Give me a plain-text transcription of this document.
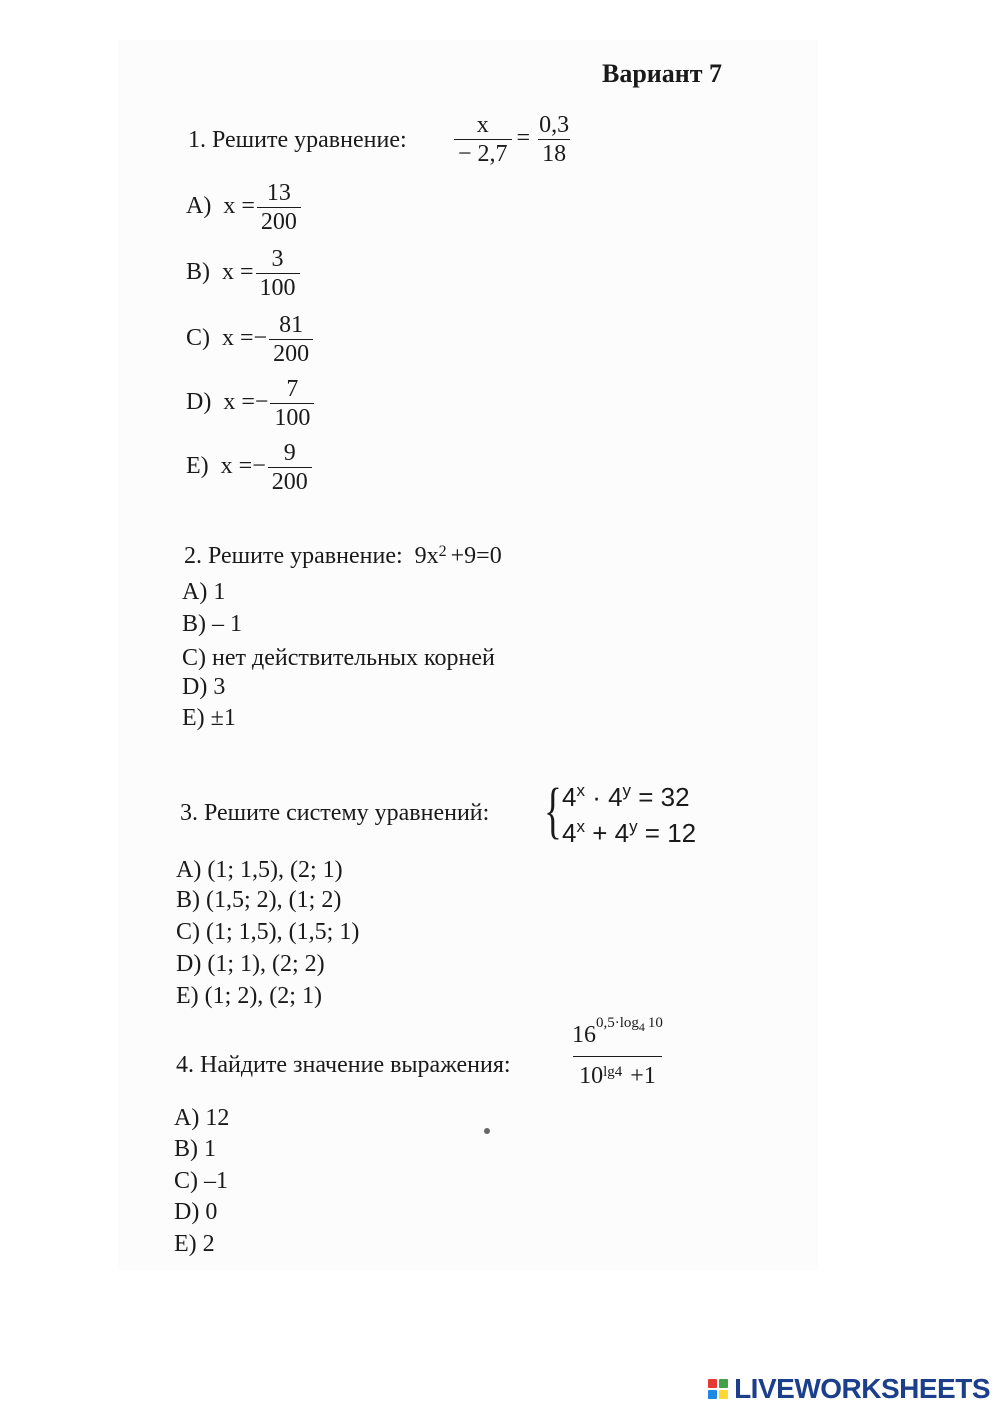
Вариант 7
1. Решите уравнение: $\frac{x}{- 2,7} = \frac{0,3}{18}$
A) $x = \frac{13}{200}$
B) $x = \frac{3}{100}$
C) $x =- \frac{81}{200}$
D) $x =- \frac{7}{100}$
E) $x =- \frac{9}{200}$
2. Решите уравнение: $9x^2 +9=0$
A) 1
B) – 1
C) нет действительных корней
D) 3
E) ±1
3. Решите систему уравнений: { $4^x \cdot 4^y = 32$
$4^x + 4^y = 12$
A) (1; 1,5), (2; 1)
B) (1,5; 2), (1; 2)
C) (1; 1,5), (1,5; 1)
D) (1; 1), (2; 2)
E) (1; 2), (2; 1)
4. Найдите значение выражения: $\frac{16^{0,5\cdot log_4 10}}{10^{lg4} +1}$
A) 12
B) 1
C) –1
D) 0
E) 2
LIVEWORKSHEETS
